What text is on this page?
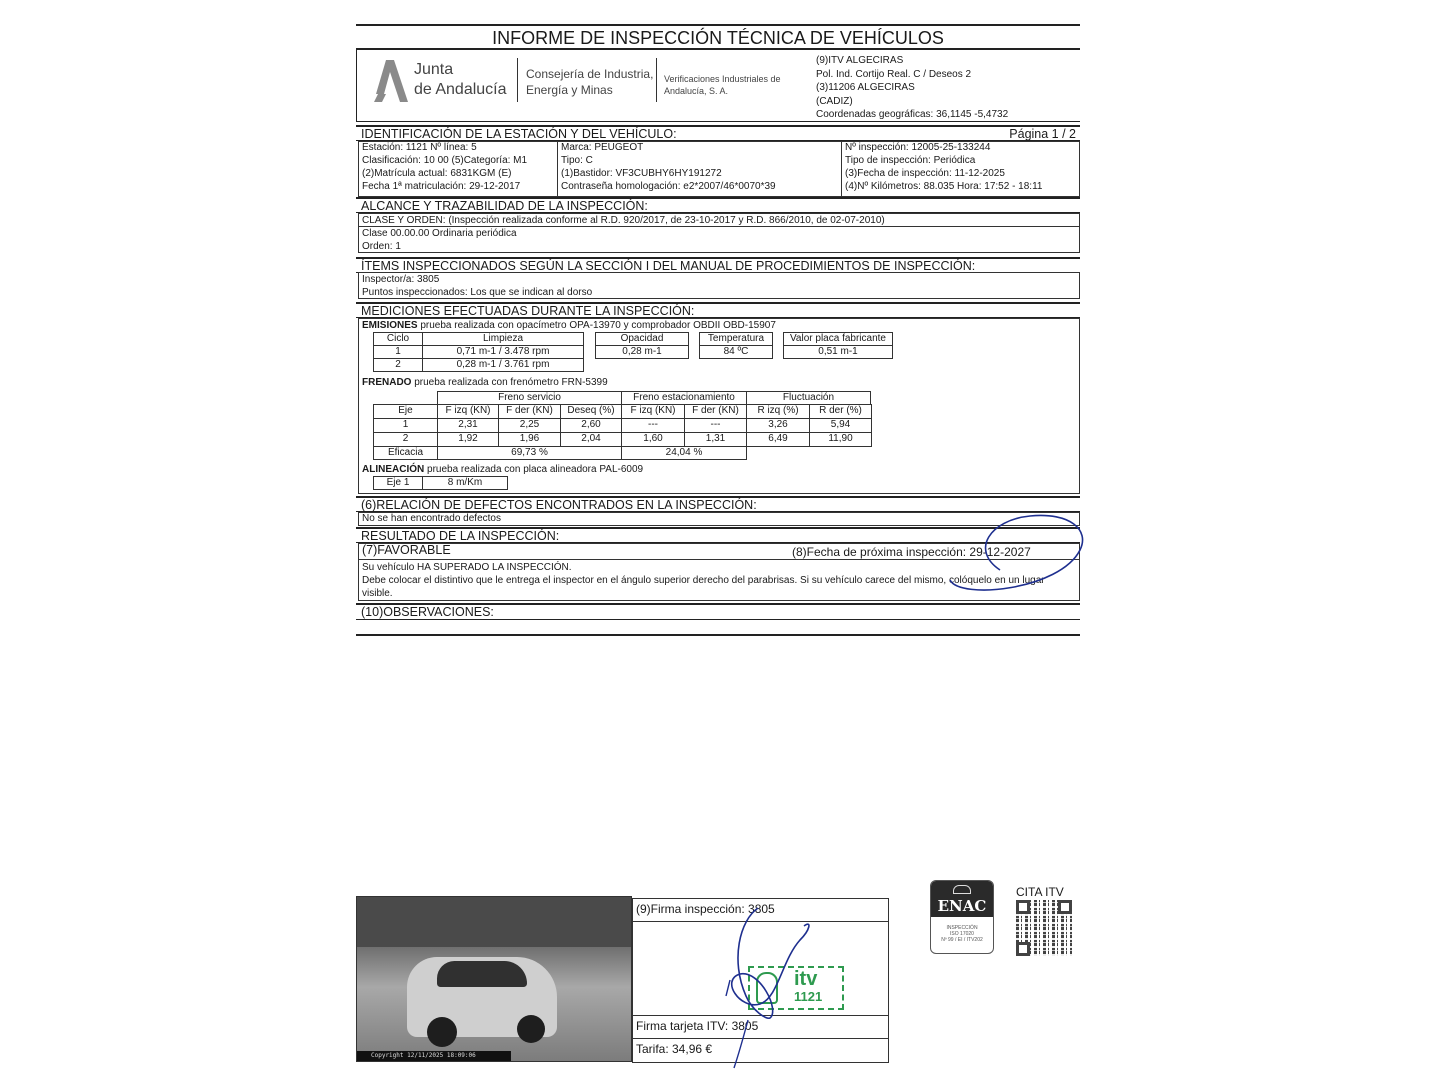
INFORME DE INSPECCIÓN TÉCNICA DE VEHÍCULOS
Junta
de Andalucía
Consejería de Industria,
Energía y Minas
Verificaciones Industriales de
Andalucía, S. A.
(9)ITV ALGECIRAS
Pol. Ind. Cortijo Real. C / Deseos 2
(3)11206 ALGECIRAS
(CADIZ)
Coordenadas geográficas: 36,1145 -5,4732
IDENTIFICACIÓN DE LA ESTACIÓN Y DEL VEHÍCULO:	Página 1 / 2
Estación: 1121 Nº línea: 5
Clasificación: 10 00 (5)Categoría: M1
(2)Matrícula actual: 6831KGM (E)
Fecha 1ª matriculación: 29-12-2017
Marca: PEUGEOT
Tipo: C
(1)Bastidor: VF3CUBHY6HY191272
Contraseña homologación: e2*2007/46*0070*39
Nº inspección: 12005-25-133244
Tipo de inspección: Periódica
(3)Fecha de inspección: 11-12-2025
(4)Nº Kilómetros: 88.035 Hora: 17:52 - 18:11
ALCANCE Y TRAZABILIDAD DE LA INSPECCIÓN:
CLASE Y ORDEN: (Inspección realizada conforme al R.D. 920/2017, de 23-10-2017 y R.D. 866/2010, de 02-07-2010)
Clase 00.00.00 Ordinaria periódica
Orden: 1
ÍTEMS INSPECCIONADOS SEGÚN LA SECCIÓN I DEL MANUAL DE PROCEDIMIENTOS DE INSPECCIÓN:
Inspector/a: 3805
Puntos inspeccionados: Los que se indican al dorso
MEDICIONES EFECTUADAS DURANTE LA INSPECCIÓN:
EMISIONES prueba realizada con opacímetro OPA-13970 y comprobador OBDII OBD-15907
Ciclo	Limpieza
1	0,71 m-1 / 3.478 rpm
2	0,28 m-1 / 3.761 rpm
Opacidad
0,28 m-1
Temperatura
84 ºC
Valor placa fabricante
0,51 m-1
FRENADO prueba realizada con frenómetro FRN-5399
Freno servicio	Freno estacionamiento	Fluctuación
Eje	F izq (KN)	F der (KN)	Deseq (%)	F izq (KN)	F der (KN)	R izq (%)	R der (%)
1	2,31	2,25	2,60	---	---	3,26	5,94
2	1,92	1,96	2,04	1,60	1,31	6,49	11,90
Eficacia	69,73 %	24,04 %
ALINEACIÓN prueba realizada con placa alineadora PAL-6009
Eje 1	8 m/Km
(6)RELACIÓN DE DEFECTOS ENCONTRADOS EN LA INSPECCIÓN:
No se han encontrado defectos
RESULTADO DE LA INSPECCIÓN:
(7)FAVORABLE	(8)Fecha de próxima inspección: 29-12-2027
Su vehículo HA SUPERADO LA INSPECCIÓN.
Debe colocar el distintivo que le entrega el inspector en el ángulo superior derecho del parabrisas. Si su vehículo carece del mismo, colóquelo en un lugar
visible.
(10)OBSERVACIONES:
Copyright 12/11/2025 18:09:06
(9)Firma inspección: 3805
Firma tarjeta ITV: 3805
Tarifa: 34,96 €
itv
1121
ENAC
INSPECCIÓN
ISO 17020
Nº 99 / EI / ITV202
CITA ITV
